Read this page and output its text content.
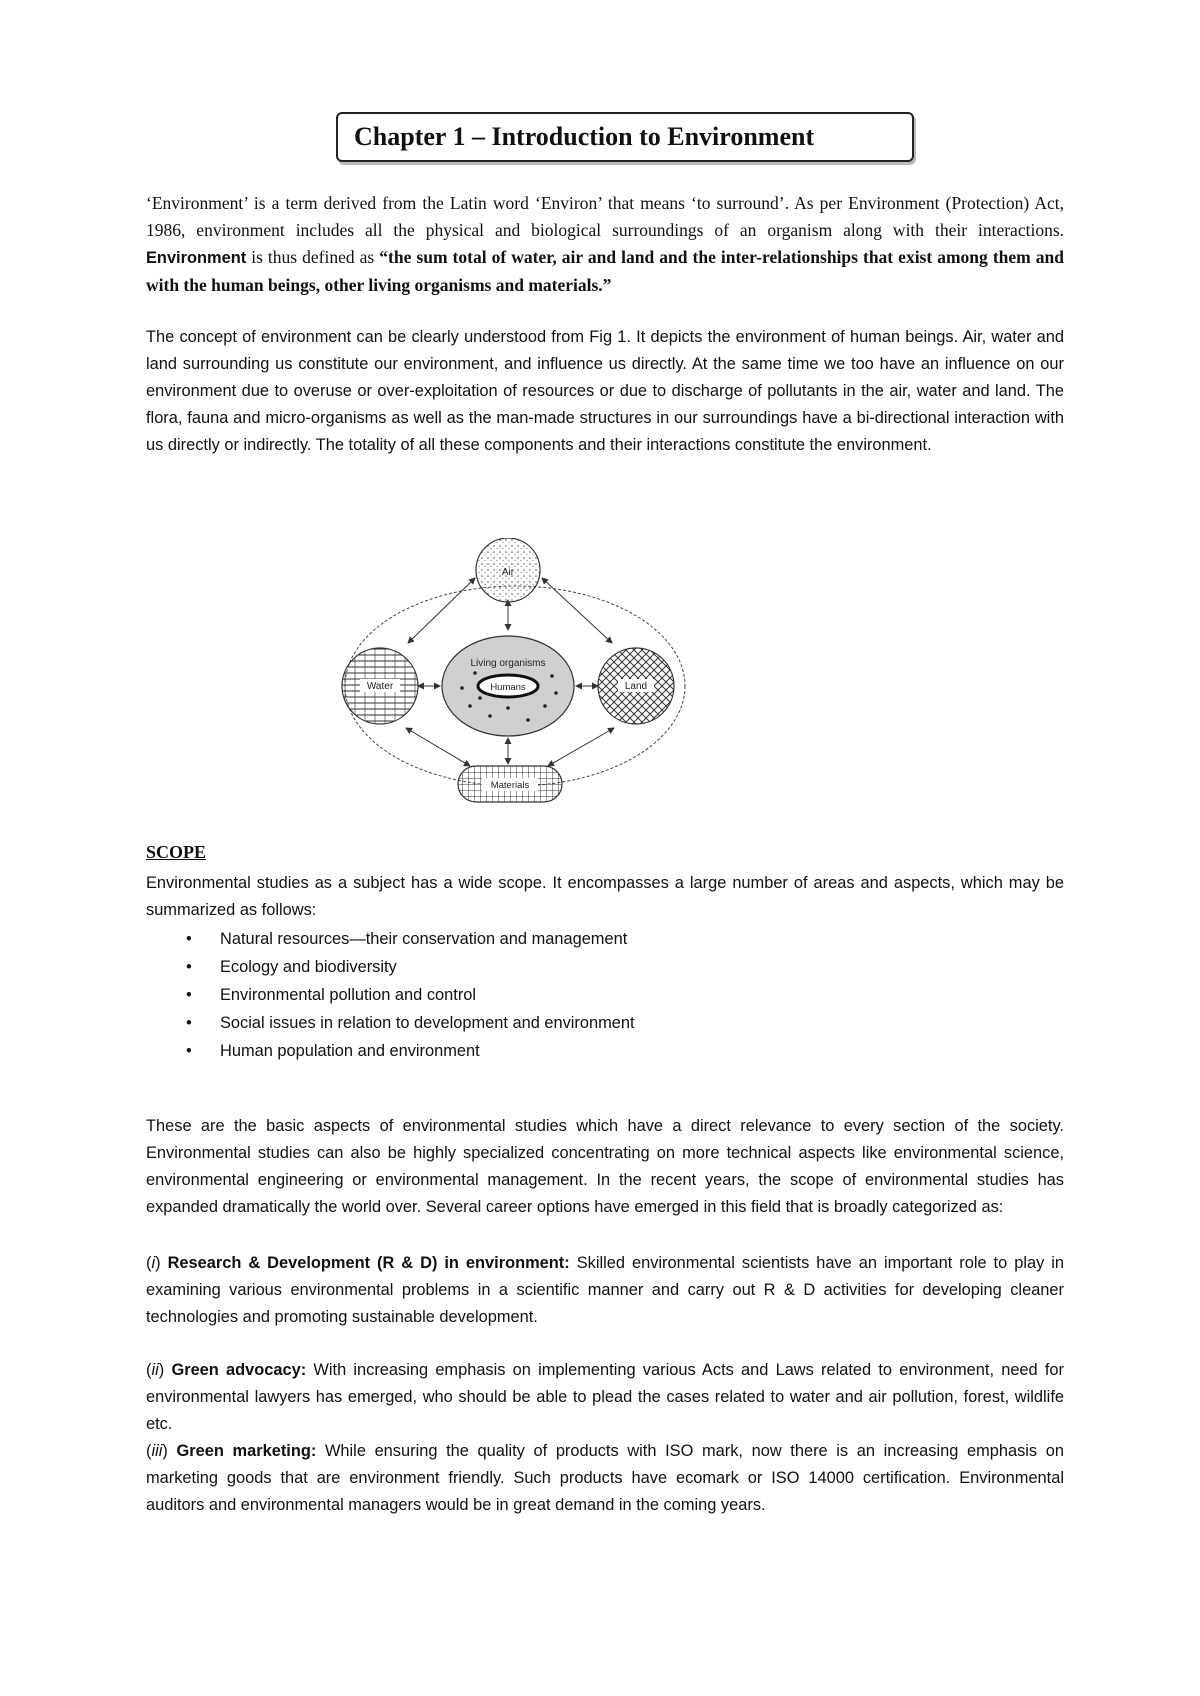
Chapter 1 – Introduction to Environment

‘Environment’ is a term derived from the Latin word ‘Environ’ that means ‘to surround’. As per Environment (Protection) Act, 1986, environment includes all the physical and biological surroundings of an organism along with their interactions. Environment is thus defined as “the sum total of water, air and land and the inter-relationships that exist among them and with the human beings, other living organisms and materials.”

The concept of environment can be clearly understood from Fig 1. It depicts the environment of human beings. Air, water and land surrounding us constitute our environment, and influence us directly. At the same time we too have an influence on our environment due to overuse or over-exploitation of resources or due to discharge of pollutants in the air, water and land. The flora, fauna and micro-organisms as well as the man-made structures in our surroundings have a bi-directional interaction with us directly or indirectly. The totality of all these components and their interactions constitute the environment.

Air
Water	Land
Living organisms
Humans
Materials
SCOPE

Environmental studies as a subject has a wide scope. It encompasses a large number of areas and aspects, which may be summarized as follows:

• Natural resources—their conservation and management
• Ecology and biodiversity
• Environmental pollution and control
• Social issues in relation to development and environment
• Human population and environment

These are the basic aspects of environmental studies which have a direct relevance to every section of the society. Environmental studies can also be highly specialized concentrating on more technical aspects like environmental science, environmental engineering or environmental management. In the recent years, the scope of environmental studies has expanded dramatically the world over. Several career options have emerged in this field that is broadly categorized as:

(i) Research & Development (R & D) in environment: Skilled environmental scientists have an important role to play in examining various environmental problems in a scientific manner and carry out R & D activities for developing cleaner technologies and promoting sustainable development.

(ii) Green advocacy: With increasing emphasis on implementing various Acts and Laws related to environment, need for environmental lawyers has emerged, who should be able to plead the cases related to water and air pollution, forest, wildlife etc.

(iii) Green marketing: While ensuring the quality of products with ISO mark, now there is an increasing emphasis on marketing goods that are environment friendly. Such products have ecomark or ISO 14000 certification. Environmental auditors and environmental managers would be in great demand in the coming years.
